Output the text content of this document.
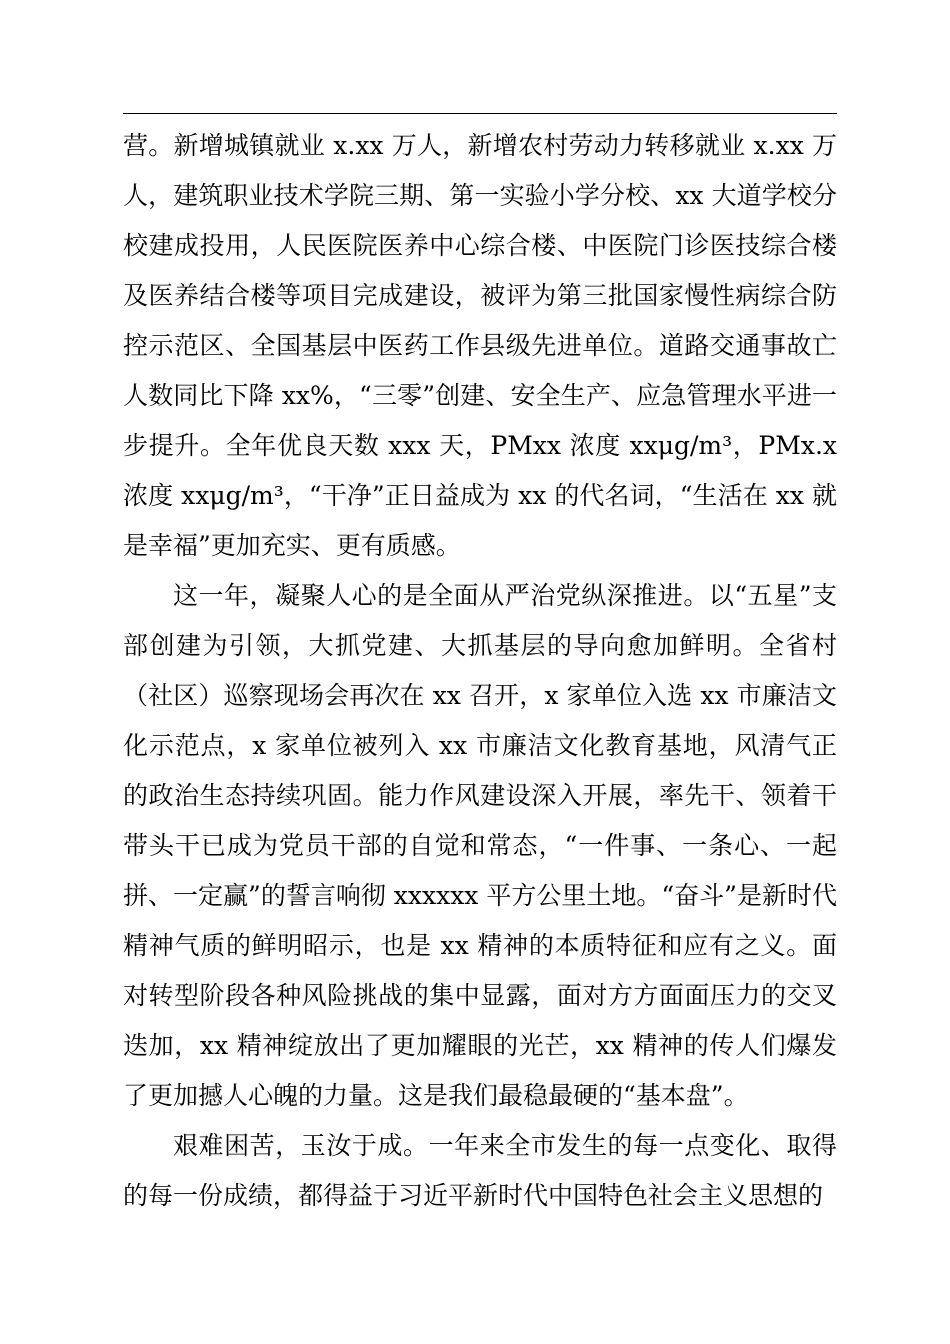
营。新增城镇就业 x.xx 万人，新增农村劳动力转移就业 x.xx 万人，建筑职业技术学院三期、第一实验小学分校、xx 大道学校分校建成投用，人民医院医养中心综合楼、中医院门诊医技综合楼及医养结合楼等项目完成建设，被评为第三批国家慢性病综合防控示范区、全国基层中医药工作县级先进单位。道路交通事故亡人数同比下降 xx%，“三零”创建、安全生产、应急管理水平进一步提升。全年优良天数 xxx 天，PMxx 浓度 xxμg/m³，PMx.x 浓度 xxμg/m³，“干净”正日益成为 xx 的代名词，“生活在 xx 就是幸福”更加充实、更有质感。

这一年，凝聚人心的是全面从严治党纵深推进。以“五星”支部创建为引领，大抓党建、大抓基层的导向愈加鲜明。全省村（社区）巡察现场会再次在 xx 召开，x 家单位入选 xx 市廉洁文化示范点，x 家单位被列入 xx 市廉洁文化教育基地，风清气正的政治生态持续巩固。能力作风建设深入开展，率先干、领着干带头干已成为党员干部的自觉和常态，“一件事、一条心、一起拼、一定赢”的誓言响彻 xxxxxx 平方公里土地。“奋斗”是新时代精神气质的鲜明昭示，也是 xx 精神的本质特征和应有之义。面对转型阶段各种风险挑战的集中显露，面对方方面面压力的交叉迭加，xx 精神绽放出了更加耀眼的光芒，xx 精神的传人们爆发了更加撼人心魄的力量。这是我们最稳最硬的“基本盘”。

艰难困苦，玉汝于成。一年来全市发生的每一点变化、取得的每一份成绩，都得益于习近平新时代中国特色社会主义思想的
